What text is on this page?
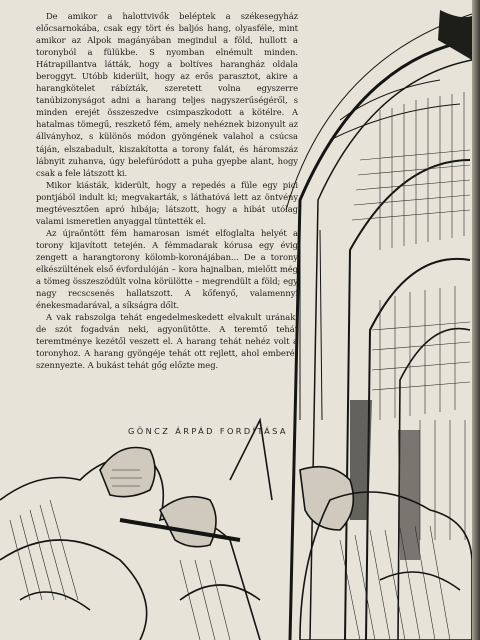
De amikor a halottvivők beléptek a székesegyház előcsarnokába, csak egy tört és baljós hang, olyasféle, mint amikor az Alpok magányában megindul a föld, hullott a toronyból a fülükbe. S nyomban elnémult minden. Hátrapillantva látták, hogy a boltíves harangház oldala beroggyt. Utóbb kiderült, hogy az erős parasztot, akire a harangkötelet rábízták, szeretett volna egyszerre tanúbizonyságot adni a harang teljes nagyszerűségéről, s minden erejét összeszedve csimpaszkodott a kötélre. A hatalmas tömegű, reszkető fém, amely nehéznek bizonyult az állványhoz, s különös módon gyöngének valahol a csúcsa táján, elszabadult, kiszakította a torony falát, és háromszáz lábnyit zuhanva, úgy belefúródott a puha gyepbe alant, hogy csak a fele látszott ki.

Mikor kiásták, kiderült, hogy a repedés a füle egy pici pontjából indult ki; megvakarták, s láthatóvá lett az öntvény megtévesztően apró hibája; látszott, hogy a hibát utólag valami ismeretlen anyaggal tüntették el.

Az újraöntött fém hamarosan ismét elfoglalta helyét a torony kijavított tetején. A fémmadarak kórusa egy évig zengett a harangtorony kölomb-koronájában... De a torony elkészültének első évfordulóján – kora hajnalban, mielőtt még a tömeg összeszödült volna körülötte – megrendült a föld; egy nagy recscsenés hallatszott. A kőfenyő, valamennyi énekesmadarával, a síkságra dőlt.

A vak rabszolga tehát engedelmeskedett elvakult urának; de szót fogadván neki, agyonütötte. A teremtő tehát teremtménye kezétől veszett el. A harang tehát nehéz volt a toronyhoz. A harang gyöngéje tehát ott rejlett, ahol emberét szennyezte. A bukást tehát gőg előzte meg.

GÖNCZ ÁRPÁD FORDÍTÁSA
